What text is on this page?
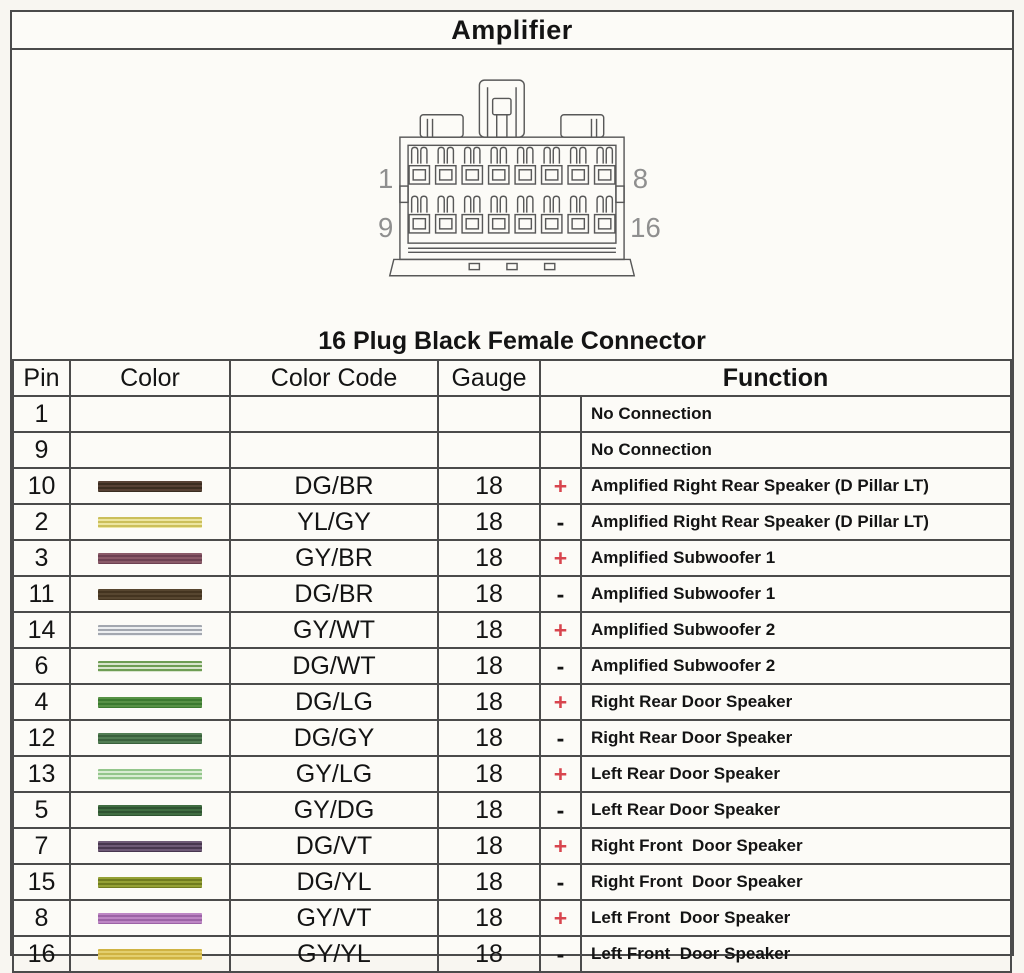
Amplifier
1	8
9	16
16 Plug Black Female Connector
Pin	Color	Color Code	Gauge	Function	
1					No Connection
9					No Connection
10		DG/BR	18	+	Amplified Right Rear Speaker (D Pillar LT)
2		YL/GY	18	-	Amplified Right Rear Speaker (D Pillar LT)
3		GY/BR	18	+	Amplified Subwoofer 1
11		DG/BR	18	-	Amplified Subwoofer 1
14		GY/WT	18	+	Amplified Subwoofer 2
6		DG/WT	18	-	Amplified Subwoofer 2
4		DG/LG	18	+	Right Rear Door Speaker
12		DG/GY	18	-	Right Rear Door Speaker
13		GY/LG	18	+	Left Rear Door Speaker
5		GY/DG	18	-	Left Rear Door Speaker
7		DG/VT	18	+	Right Front  Door Speaker
15		DG/YL	18	-	Right Front  Door Speaker
8		GY/VT	18	+	Left Front  Door Speaker
16		GY/YL	18	-	Left Front  Door Speaker
